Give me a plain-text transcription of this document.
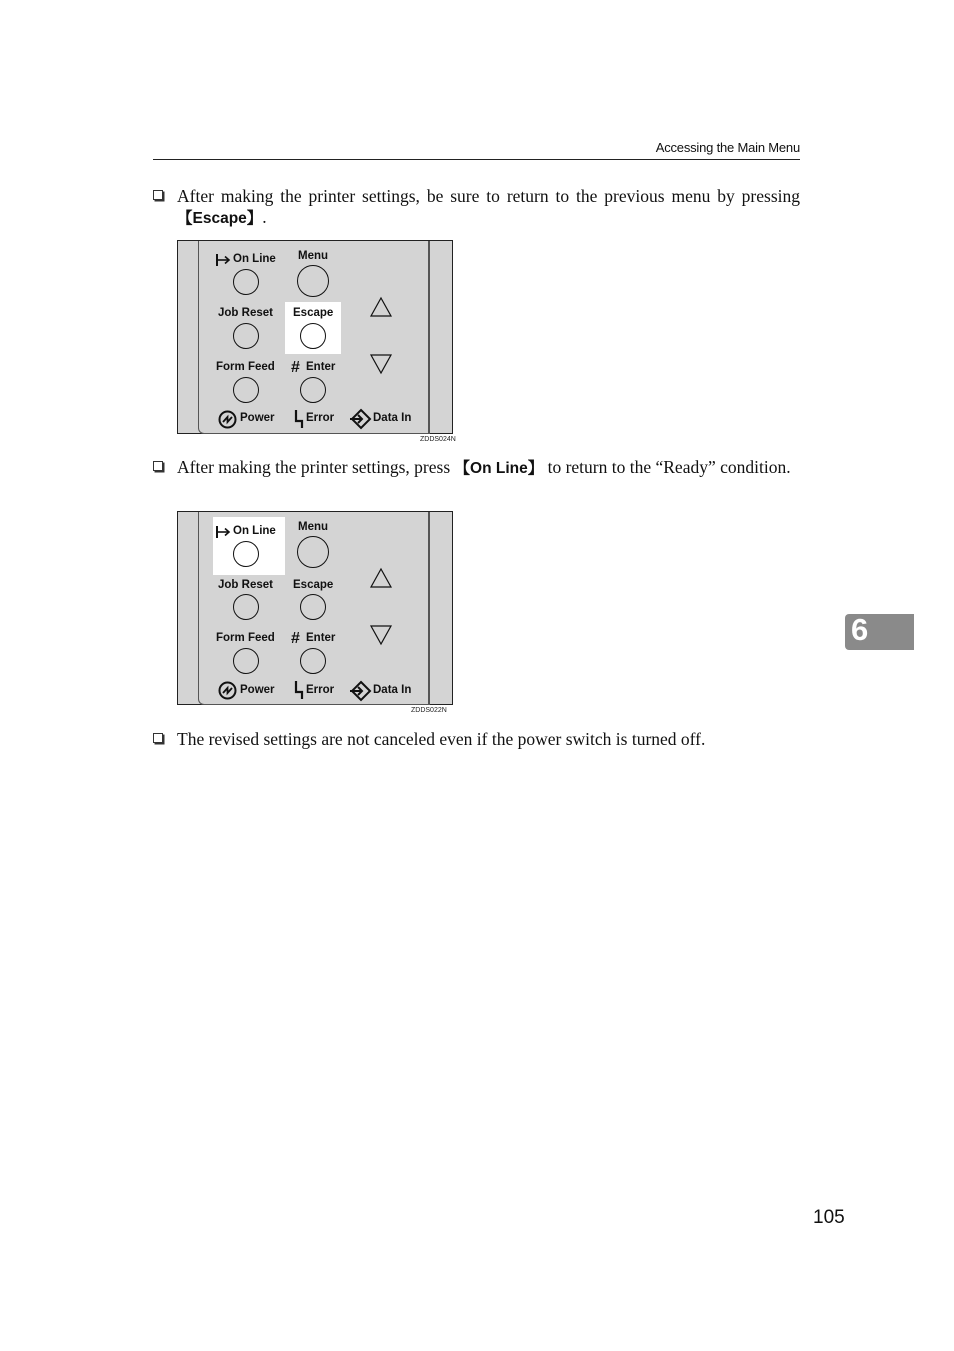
Accessing the Main Menu
After making the printer settings, be sure to return to the previous menu by pressing 【Escape】.
On Line Menu
Job Reset Escape
Form Feed # Enter
Power	Error	Data In
ZDDS024N
After making the printer settings, press 【On Line】 to return to the “Ready” condition.
On Line Menu
Job Reset Escape
Form Feed # Enter
Power	Error	Data In
ZDDS022N
The revised settings are not canceled even if the power switch is turned off.
6
105
